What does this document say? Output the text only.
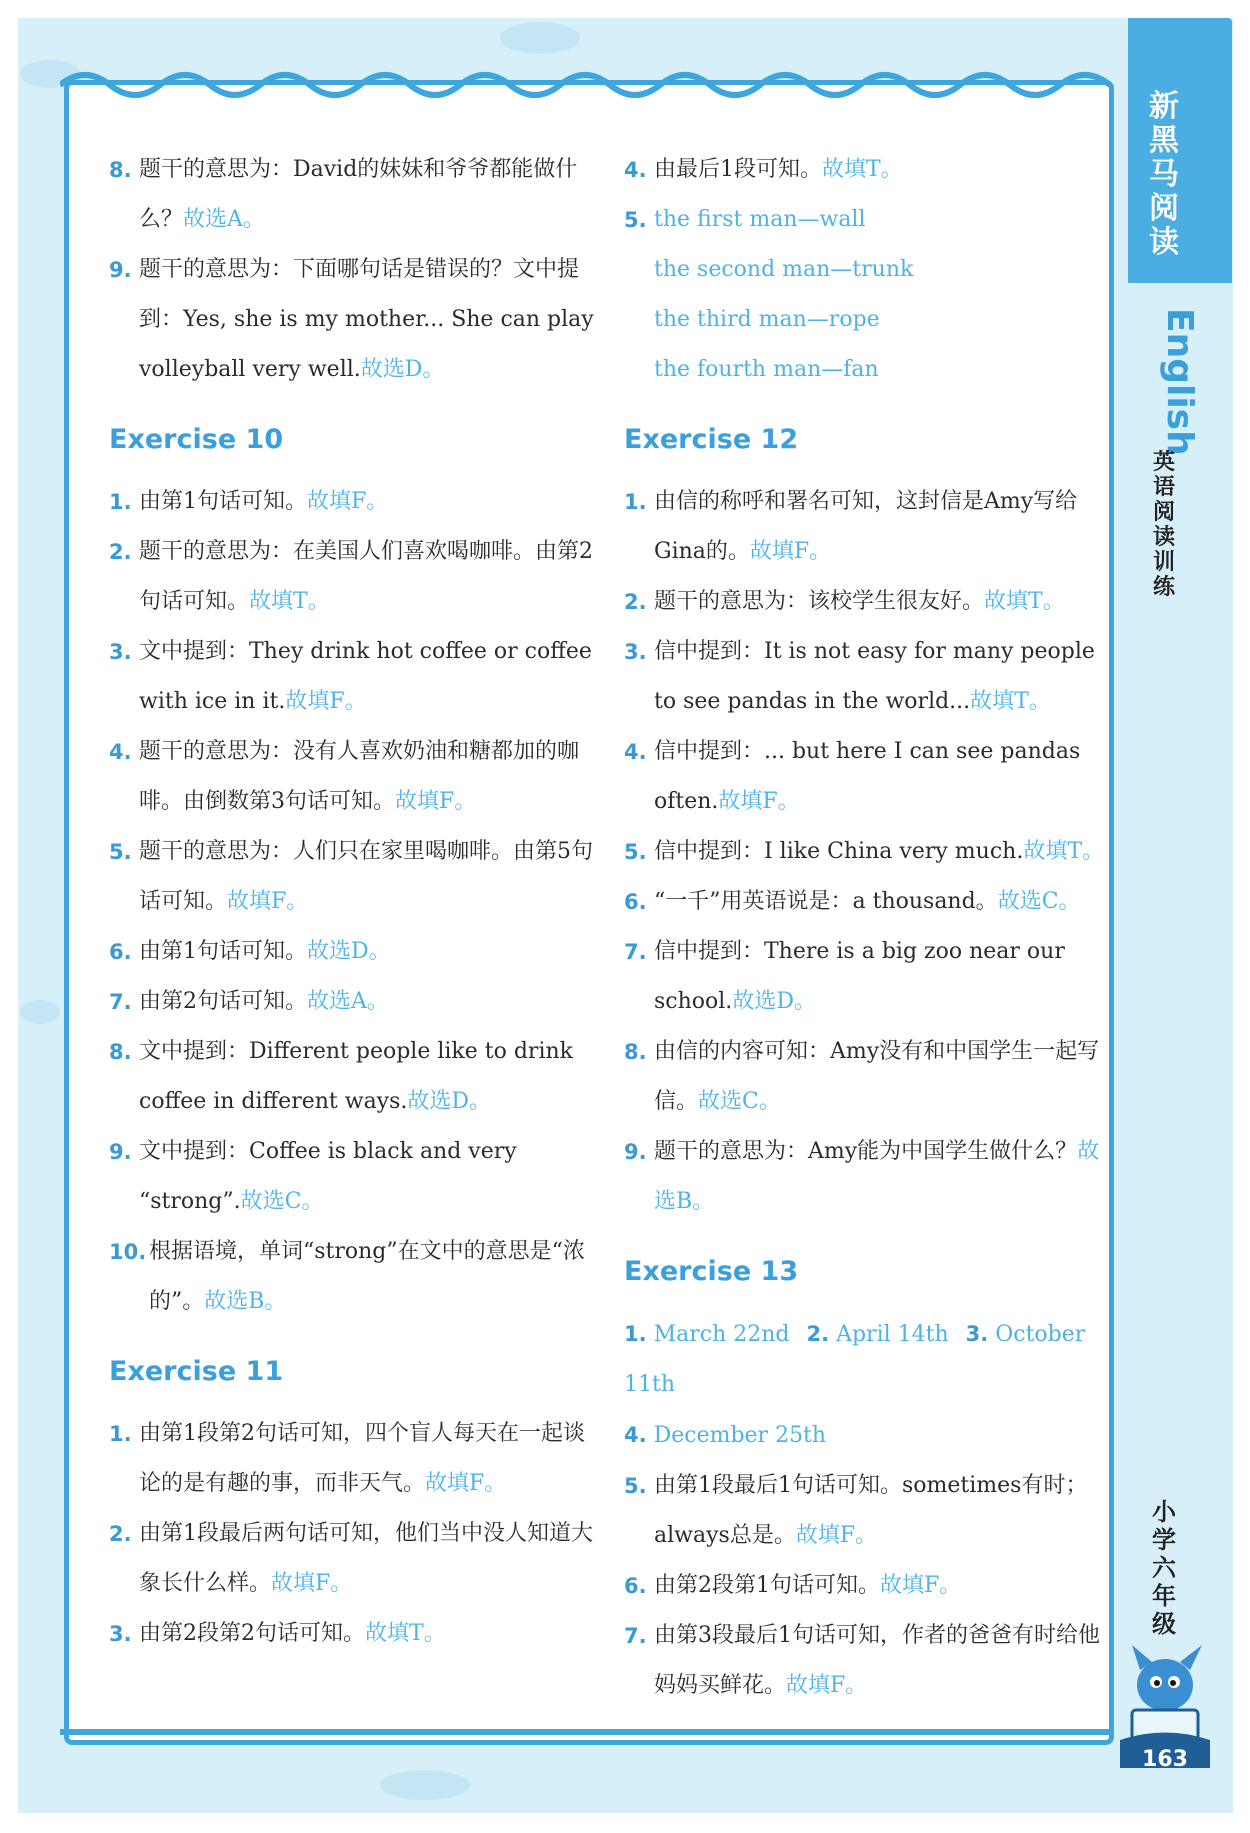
8. 题干的意思为：David的妹妹和爷爷都能做什么？故选A。
9. 题干的意思为：下面哪句话是错误的？文中提到：Yes, she is my mother... She can play volleyball very well.故选D。
Exercise 10
1. 由第1句话可知。故填F。
2. 题干的意思为：在美国人们喜欢喝咖啡。由第2句话可知。故填T。
3. 文中提到：They drink hot coffee or coffee with ice in it.故填F。
4. 题干的意思为：没有人喜欢奶油和糖都加的咖啡。由倒数第3句话可知。故填F。
5. 题干的意思为：人们只在家里喝咖啡。由第5句话可知。故填F。
6. 由第1句话可知。故选D。
7. 由第2句话可知。故选A。
8. 文中提到：Different people like to drink coffee in different ways.故选D。
9. 文中提到：Coffee is black and very “strong”.故选C。
10. 根据语境，单词“strong”在文中的意思是“浓的”。故选B。
Exercise 11
1. 由第1段第2句话可知，四个盲人每天在一起谈论的是有趣的事，而非天气。故填F。
2. 由第1段最后两句话可知，他们当中没人知道大象长什么样。故填F。
3. 由第2段第2句话可知。故填T。
4. 由最后1段可知。故填T。
5. the first man—wall
the second man—trunk
the third man—rope
the fourth man—fan
Exercise 12
1. 由信的称呼和署名可知，这封信是Amy写给Gina的。故填F。
2. 题干的意思为：该校学生很友好。故填T。
3. 信中提到：It is not easy for many people to see pandas in the world...故填T。
4. 信中提到：... but here I can see pandas often.故填F。
5. 信中提到：I like China very much.故填T。
6. “一千”用英语说是：a thousand。故选C。
7. 信中提到：There is a big zoo near our school.故选D。
8. 由信的内容可知：Amy没有和中国学生一起写信。故选C。
9. 题干的意思为：Amy能为中国学生做什么？故选B。
Exercise 13
1. March 22nd 2. April 14th 3. October 11th
4. December 25th
5. 由第1段最后1句话可知。sometimes有时；always总是。故填F。
6. 由第2段第1句话可知。故填F。
7. 由第3段最后1句话可知，作者的爸爸有时给他妈妈买鲜花。故填F。
新黑马阅读
English
英语阅读训练
小学六年级
163
